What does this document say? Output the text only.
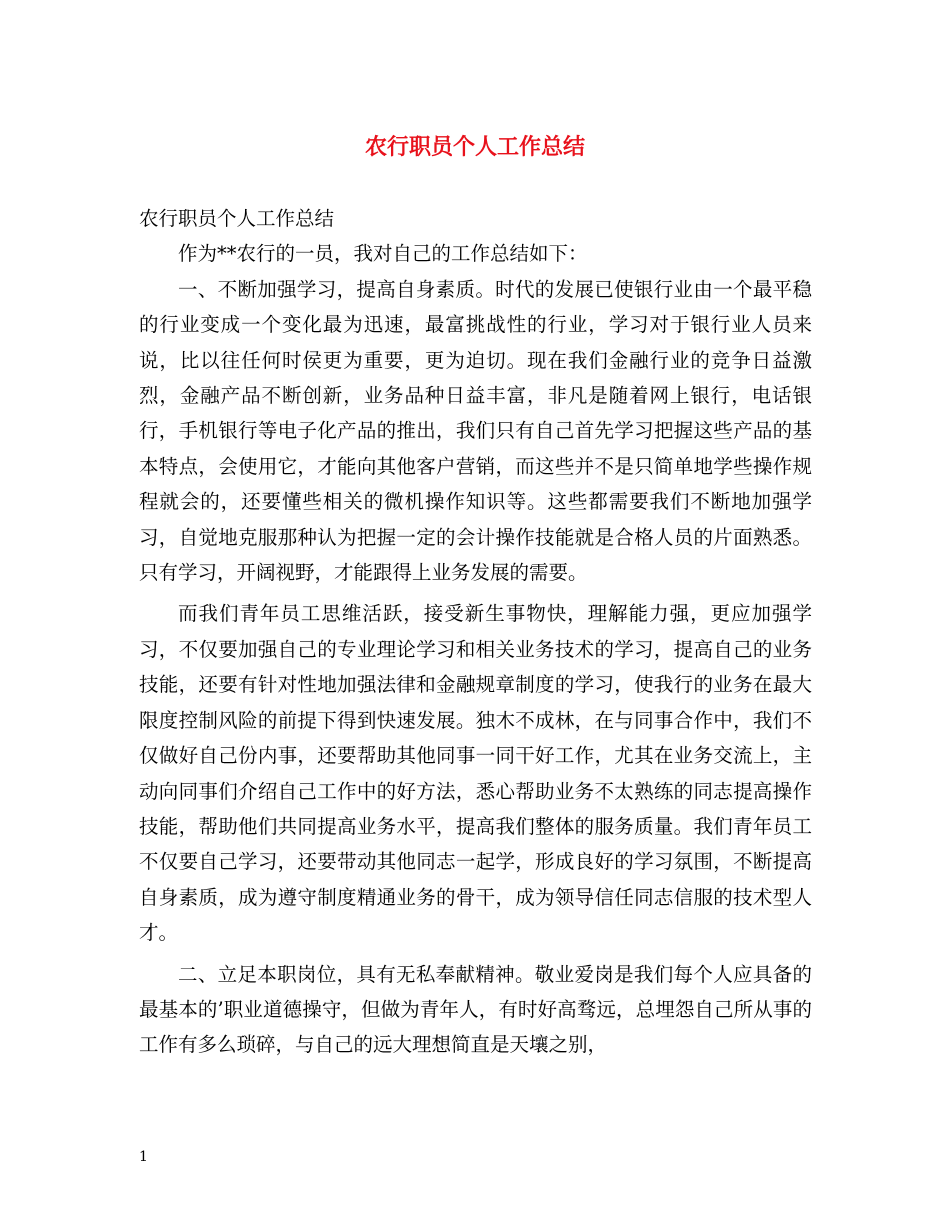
农行职员个人工作总结

农行职员个人工作总结

作为**农行的一员，我对自己的工作总结如下：

一、不断加强学习，提高自身素质。时代的发展已使银行业由一个最平稳的行业变成一个变化最为迅速，最富挑战性的行业，学习对于银行业人员来说，比以往任何时侯更为重要，更为迫切。现在我们金融行业的竞争日益激烈，金融产品不断创新，业务品种日益丰富，非凡是随着网上银行，电话银行，手机银行等电子化产品的推出，我们只有自己首先学习把握这些产品的基本特点，会使用它，才能向其他客户营销，而这些并不是只简单地学些操作规程就会的，还要懂些相关的微机操作知识等。这些都需要我们不断地加强学习，自觉地克服那种认为把握一定的会计操作技能就是合格人员的片面熟悉。只有学习，开阔视野，才能跟得上业务发展的需要。

而我们青年员工思维活跃，接受新生事物快，理解能力强，更应加强学习，不仅要加强自己的专业理论学习和相关业务技术的学习，提高自己的业务技能，还要有针对性地加强法律和金融规章制度的学习，使我行的业务在最大限度控制风险的前提下得到快速发展。独木不成林，在与同事合作中，我们不仅做好自己份内事，还要帮助其他同事一同干好工作，尤其在业务交流上，主动向同事们介绍自己工作中的好方法，悉心帮助业务不太熟练的同志提高操作技能，帮助他们共同提高业务水平，提高我们整体的服务质量。我们青年员工不仅要自己学习，还要带动其他同志一起学，形成良好的学习氛围，不断提高自身素质，成为遵守制度精通业务的骨干，成为领导信任同志信服的技术型人才。

二、立足本职岗位，具有无私奉献精神。敬业爱岗是我们每个人应具备的最基本的’职业道德操守，但做为青年人，有时好高骛远，总埋怨自己所从事的工作有多么琐碎，与自己的远大理想简直是天壤之别，

1
